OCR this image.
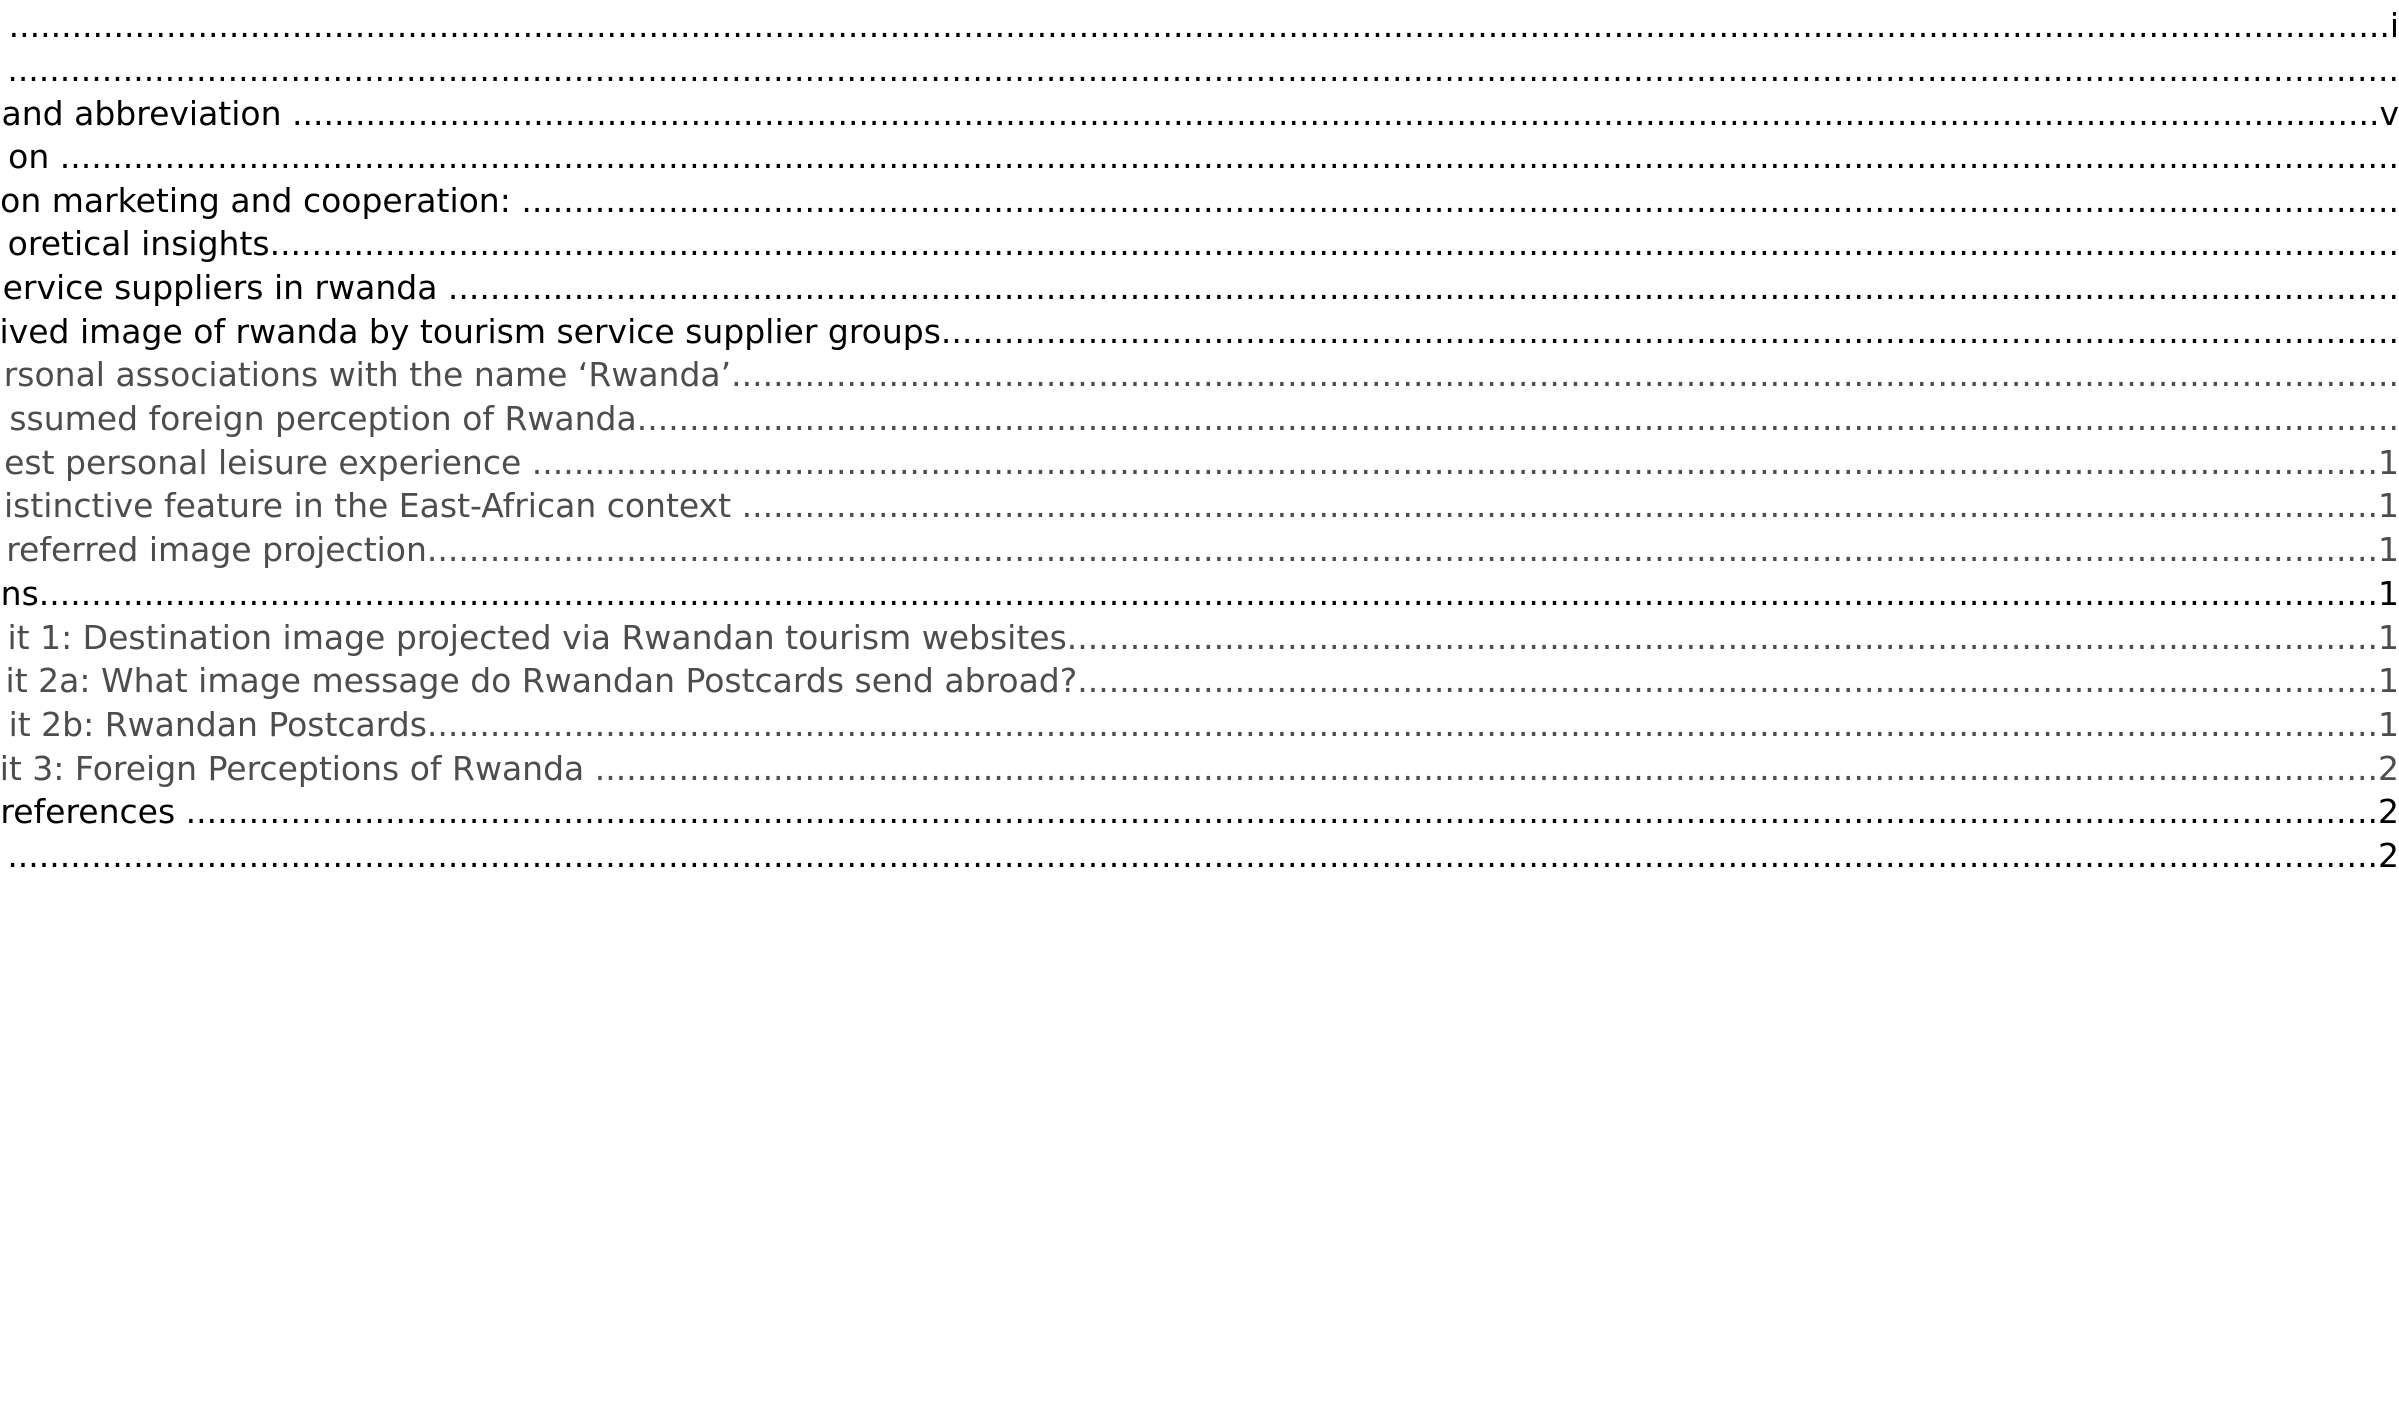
...................................................................................................................................................................................................................................i
....................................................................................................................................................................................................................................
and abbreviation .......................................................................................................................................................................................................v
on ...............................................................................................................................................................................................................................
on marketing and cooperation: ...................................................................................................................................................................................
oretical insights...........................................................................................................................................................................................................
ervice suppliers in rwanda ..........................................................................................................................................................................................
ived image of rwanda by tourism service supplier groups...........................................................................................................................................
rsonal associations with the name ‘Rwanda’...............................................................................................................................................................
ssumed foreign perception of Rwanda........................................................................................................................................................................
est personal leisure experience ................................................................................................................................................................................1
istinctive feature in the East-African context ............................................................................................................................................................1
referred image projection..........................................................................................................................................................................................1
ns...............................................................................................................................................................................................................................1
it 1: Destination image projected via Rwandan tourism websites.............................................................................................................................1
it 2a: What image message do Rwandan Postcards send abroad?............................................................................................................................1
it 2b: Rwandan Postcards..........................................................................................................................................................................................1
it 3: Foreign Perceptions of Rwanda ..........................................................................................................................................................................2
references .................................................................................................................................................................................................................2
..................................................................................................................................................................................................................................2
